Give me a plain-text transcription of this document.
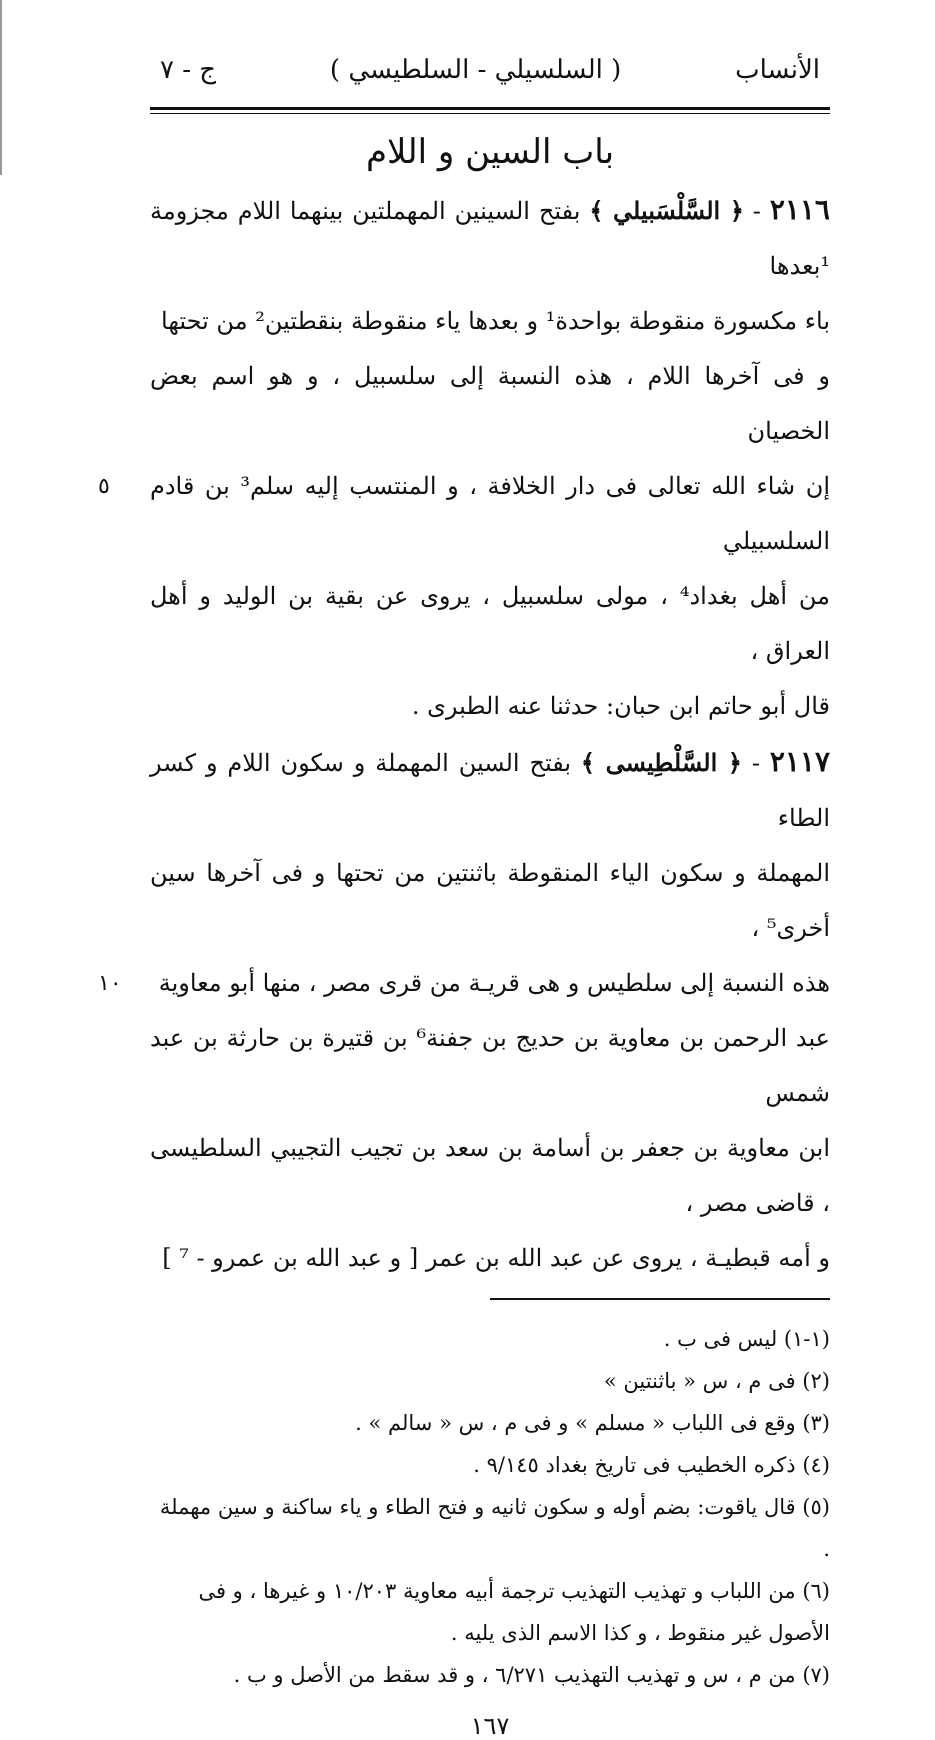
الأنساب
( السلسيلي - السلطيسي )
ج - ٧
باب السين و اللام

٢١١٦ - ﴿ السَّلْسَبيلي ﴾ بفتح السينين المهملتين بينهما اللام مجزومة ¹بعدها

باء مكسورة منقوطة بواحدة¹ و بعدها ياء منقوطة بنقطتين² من تحتها

و فى آخرها اللام ، هذه النسبة إلى سلسبيل ، و هو اسم بعض الخصيان

إن شاء الله تعالى فى دار الخلافة ، و المنتسب إليه سلم³ بن قادم السلسبيلي
٥

من أهل بغداد⁴ ، مولى سلسبيل ، يروى عن بقية بن الوليد و أهل العراق ،

قال أبو حاتم ابن حبان: حدثنا عنه الطبرى .

٢١١٧ - ﴿ السَّلْطِيسى ﴾ بفتح السين المهملة و سكون اللام و كسر الطاء

المهملة و سكون الياء المنقوطة باثنتين من تحتها و فى آخرها سين أخرى⁵ ،

هذه النسبة إلى سلطيس و هى قريـة من قرى مصر ، منها أبو معاوية
١٠

عبد الرحمن بن معاوية بن حديج بن جفنة⁶ بن قتيرة بن حارثة بن عبد شمس

ابن معاوية بن جعفر بن أسامة بن سعد بن تجيب التجيبي السلطيسى ، قاضى مصر ،

و أمه قبطيـة ، يروى عن عبد الله بن عمر [ و عبد الله بن عمرو - ⁷ ]

(١-١) ليس فى ب .

(٢) فى م ، س « باثنتين »

(٣) وقع فى اللباب « مسلم » و فى م ، س « سالم » .

(٤) ذكره الخطيب فى تاريخ بغداد ٩/١٤٥ .

(٥) قال ياقوت: بضم أوله و سكون ثانيه و فتح الطاء و ياء ساكنة و سين مهملة .

(٦) من اللباب و تهذيب التهذيب ترجمة أبيه معاوية ١٠/٢٠٣ و غيرها ، و فى الأصول غير منقوط ، و كذا الاسم الذى يليه .

(٧) من م ، س و تهذيب التهذيب ٦/٢٧١ ، و قد سقط من الأصل و ب .

١٦٧
